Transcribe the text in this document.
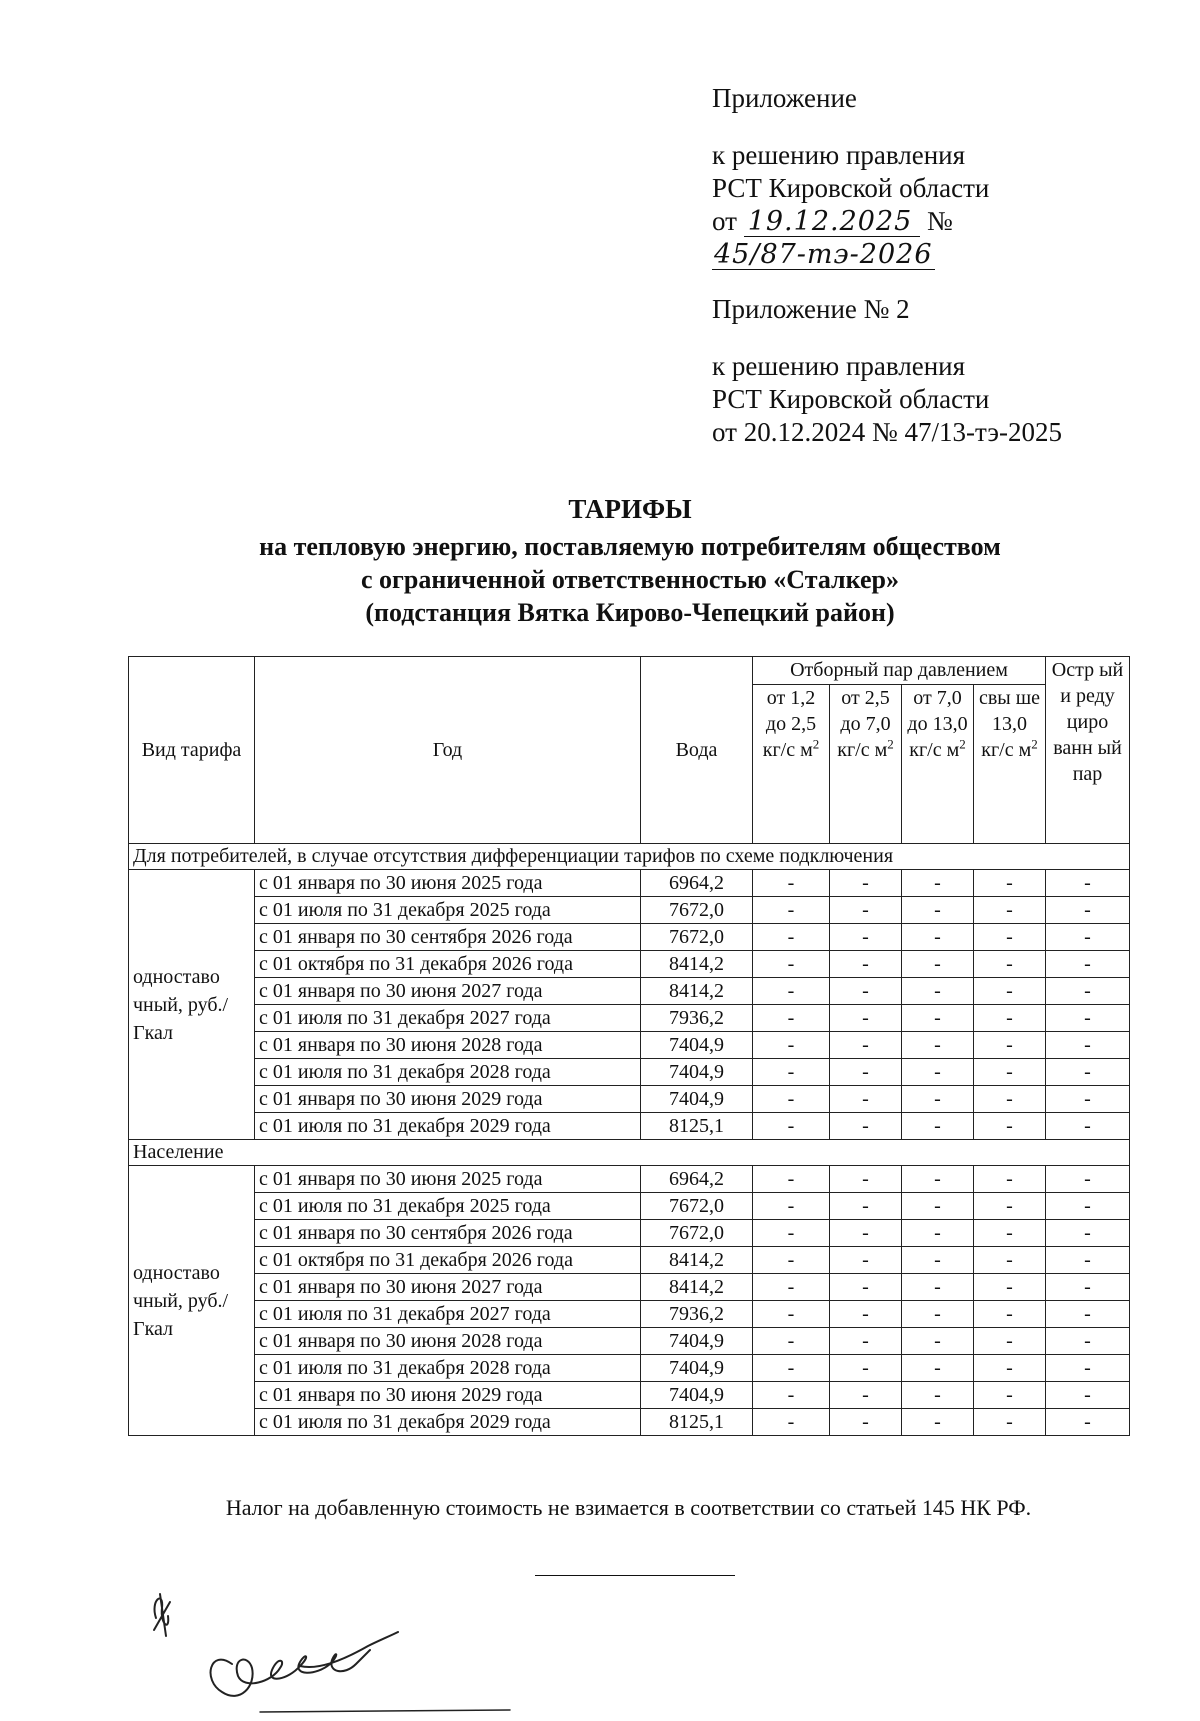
Приложение

к решению правления

РСТ Кировской области

от 19.12.2025 № 45/87-тэ-2026

Приложение № 2

к решению правления

РСТ Кировской области

от 20.12.2024 № 47/13-тэ-2025

ТАРИФЫ
на тепловую энергию, поставляемую потребителям обществом
с ограниченной ответственностью «Сталкер»
(подстанция Вятка Кирово-Чепецкий район)
Вид тарифа	Год	Вода	Отборный пар давлением				Остр ый и реду циро ванн ый пар
			от 1,2 до 2,5 кг/с $м^2$	от 2,5 до 7,0 кг/с $м^2$	от 7,0 до 13,0 кг/с $м^2$	свы ше 13,0 кг/с $м^2$
Для потребителей, в случае отсутствия дифференциации тарифов по схеме подключения							
одноставо чный, руб./Гкал	с 01 января по 30 июня 2025 года	6964,2	-	-	-	-	-
	с 01 июля по 31 декабря 2025 года	7672,0	-	-	-	-	-
	с 01 января по 30 сентября 2026 года	7672,0	-	-	-	-	-
	с 01 октября по 31 декабря 2026 года	8414,2	-	-	-	-	-
	с 01 января по 30 июня 2027 года	8414,2	-	-	-	-	-
	с 01 июля по 31 декабря 2027 года	7936,2	-	-	-	-	-
	с 01 января по 30 июня 2028 года	7404,9	-	-	-	-	-
	с 01 июля по 31 декабря 2028 года	7404,9	-	-	-	-	-
	с 01 января по 30 июня 2029 года	7404,9	-	-	-	-	-
	с 01 июля по 31 декабря 2029 года	8125,1	-	-	-	-	-
Население							
одноставо чный, руб./Гкал	с 01 января по 30 июня 2025 года	6964,2	-	-	-	-	-
	с 01 июля по 31 декабря 2025 года	7672,0	-	-	-	-	-
	с 01 января по 30 сентября 2026 года	7672,0	-	-	-	-	-
	с 01 октября по 31 декабря 2026 года	8414,2	-	-	-	-	-
	с 01 января по 30 июня 2027 года	8414,2	-	-	-	-	-
	с 01 июля по 31 декабря 2027 года	7936,2	-	-	-	-	-
	с 01 января по 30 июня 2028 года	7404,9	-	-	-	-	-
	с 01 июля по 31 декабря 2028 года	7404,9	-	-	-	-	-
	с 01 января по 30 июня 2029 года	7404,9	-	-	-	-	-
	с 01 июля по 31 декабря 2029 года	8125,1	-	-	-	-	-
Налог на добавленную стоимость не взимается в соответствии со статьей 145 НК РФ.
